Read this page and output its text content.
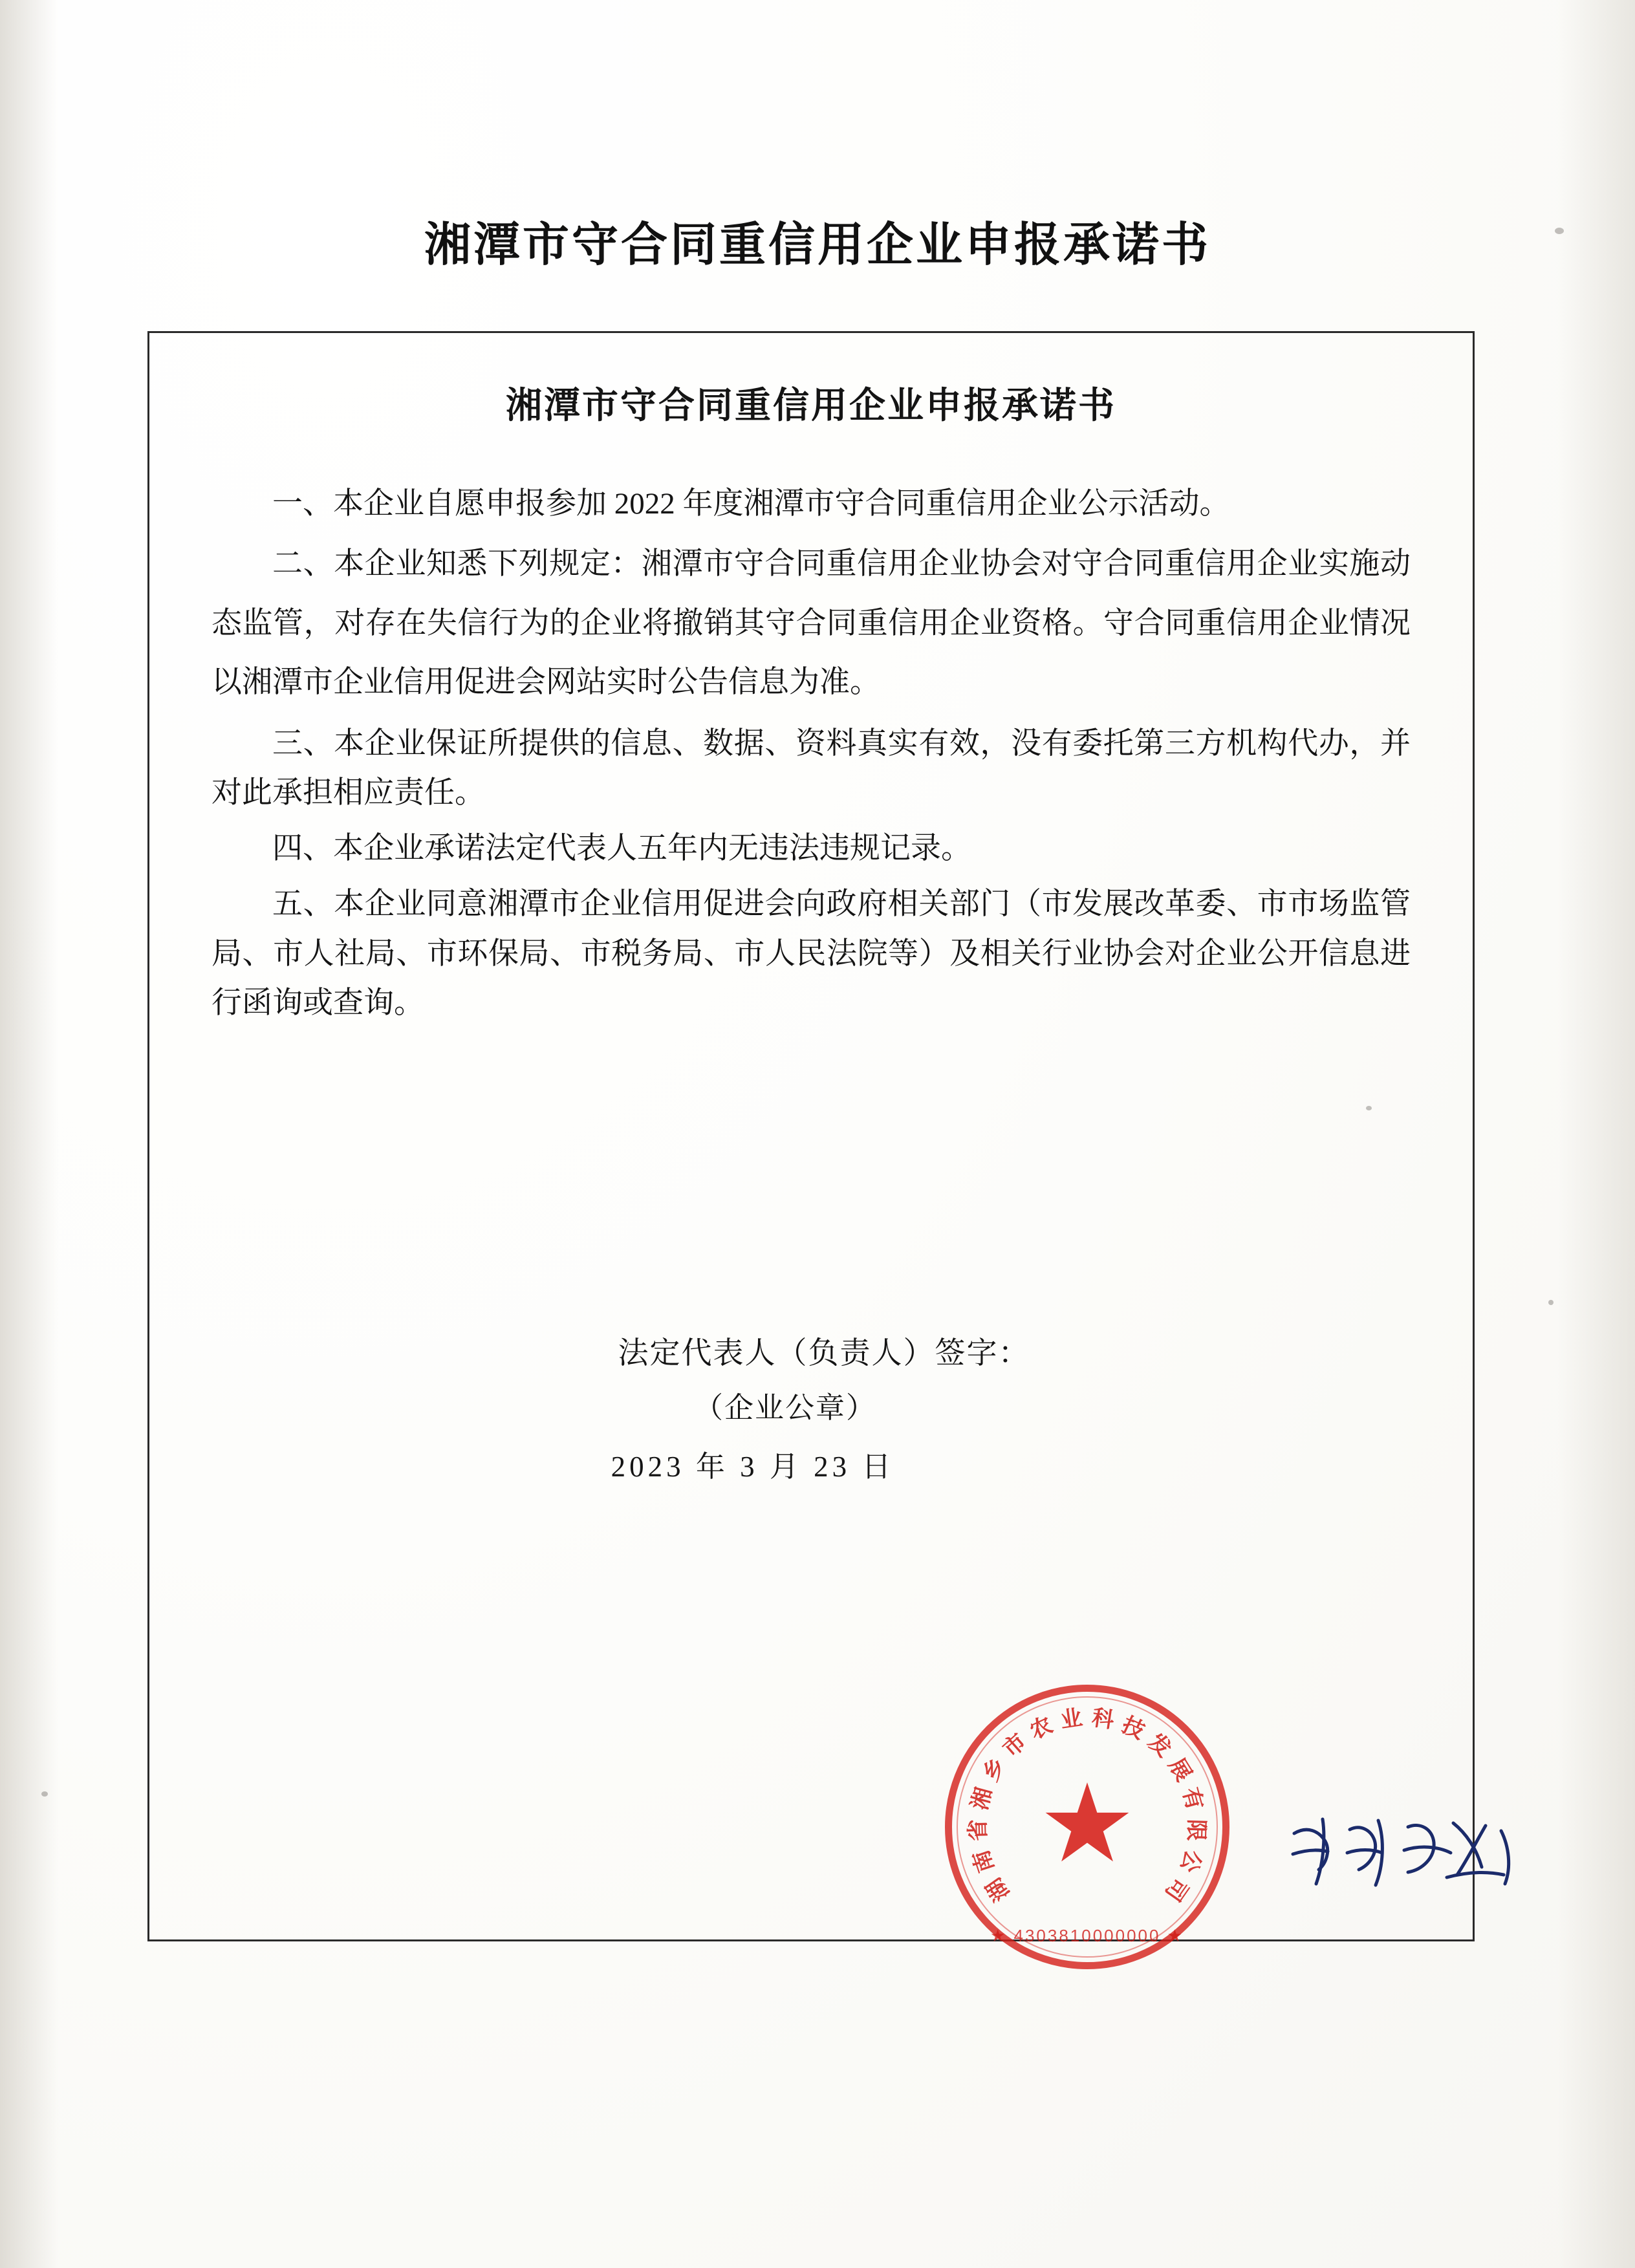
湘潭市守合同重信用企业申报承诺书
湘潭市守合同重信用企业申报承诺书

一、本企业自愿申报参加 2022 年度湘潭市守合同重信用企业公示活动。

二、本企业知悉下列规定：湘潭市守合同重信用企业协会对守合同重信用企业实施动态监管，对存在失信行为的企业将撤销其守合同重信用企业资格。守合同重信用企业情况以湘潭市企业信用促进会网站实时公告信息为准。

三、本企业保证所提供的信息、数据、资料真实有效，没有委托第三方机构代办，并对此承担相应责任。

四、本企业承诺法定代表人五年内无违法违规记录。

五、本企业同意湘潭市企业信用促进会向政府相关部门（市发展改革委、市市场监管局、市人社局、市环保局、市税务局、市人民法院等）及相关行业协会对企业公开信息进行函询或查询。

法定代表人（负责人）签字：
（企业公章）
2023 年 3 月 23 日
湖
南
省
湘
乡
市
农 业 科 技
发
展
有
限
公
司
★
★ 4303810000000 ★
